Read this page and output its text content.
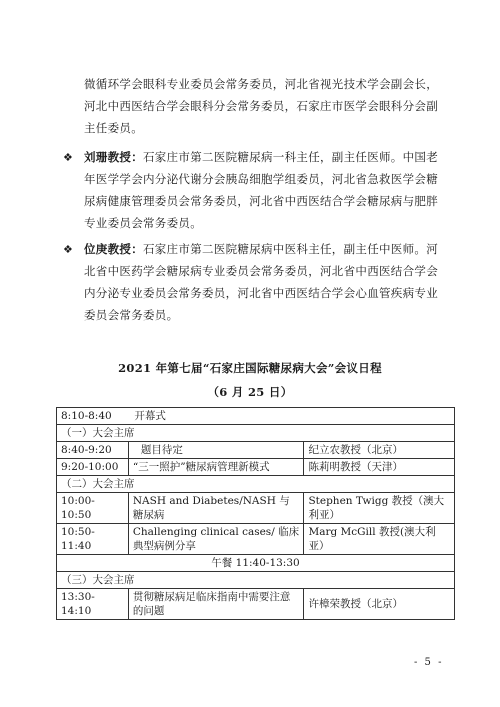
微循环学会眼科专业委员会常务委员，河北省视光技术学会副会长，
河北中西医结合学会眼科分会常务委员，石家庄市医学会眼科分会副
主任委员。
❖ 刘珊教授：石家庄市第二医院糖尿病一科主任，副主任医师。中国老
年医学学会内分泌代谢分会胰岛细胞学组委员，河北省急救医学会糖
尿病健康管理委员会常务委员，河北省中西医结合学会糖尿病与肥胖
专业委员会常务委员。
❖ 位庚教授：石家庄市第二医院糖尿病中医科主任，副主任中医师。河
北省中医药学会糖尿病专业委员会常务委员，河北省中西医结合学会
内分泌专业委员会常务委员，河北省中西医结合学会心血管疾病专业
委员会常务委员。
2021 年第七届“石家庄国际糖尿病大会”会议日程
（6 月 25 日）
8:10-8:40 开幕式		
（一）大会主席		
8:40-9:20	题目待定	纪立农教授（北京）
9:20-10:00	“三一照护”糖尿病管理新模式	陈莉明教授（天津）
（二）大会主席		
10:00-10:50	NASH and Diabetes/NASH 与糖尿病	Stephen Twigg 教授（澳大利亚）
10:50-11:40	Challenging clinical cases/ 临床典型病例分享	Marg McGill 教授(澳大利亚）
午餐 11:40-13:30		
（三）大会主席		
13:30-14:10	贯彻糖尿病足临床指南中需要注意的问题	许樟荣教授（北京）
- 5 -
